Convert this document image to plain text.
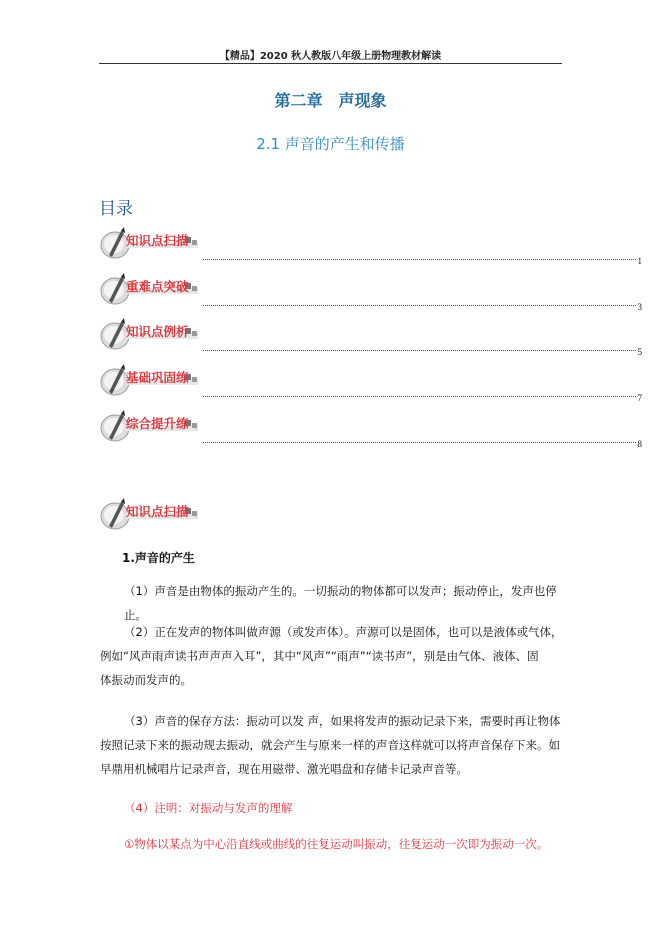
【精品】2020 秋人教版八年级上册物理教材解读
第二章　声现象
2.1 声音的产生和传播
目录
知识点扫描
1
重难点突破
3
知识点例析
5
基础巩固练
7
综合提升练
8
知识点扫描
1.声音的产生
（1）声音是由物体的振动产生的。一切振动的物体都可以发声；振动停止，发声也停止。
（2）正在发声的物体叫做声源（或发声体）。声源可以是固体，也可以是液体或气体，
例如“风声雨声读书声声声入耳”，其中“风声”“雨声”“读书声”，别是由气体、液体、固
体振动而发声的。
（3）声音的保存方法：振动可以发 声，如果将发声的振动记录下来，需要时再让物体
按照记录下来的振动规去振动，就会产生与原来一样的声音这样就可以将声音保存下来。如
早鼎用机械唱片记录声音，现在用磁带、激光唱盘和存储卡记录声音等。
（4）注明：对振动与发声的理解
①物体以某点为中心沿直线或曲线的往复运动叫振动，往复运动一次即为振动一次。
